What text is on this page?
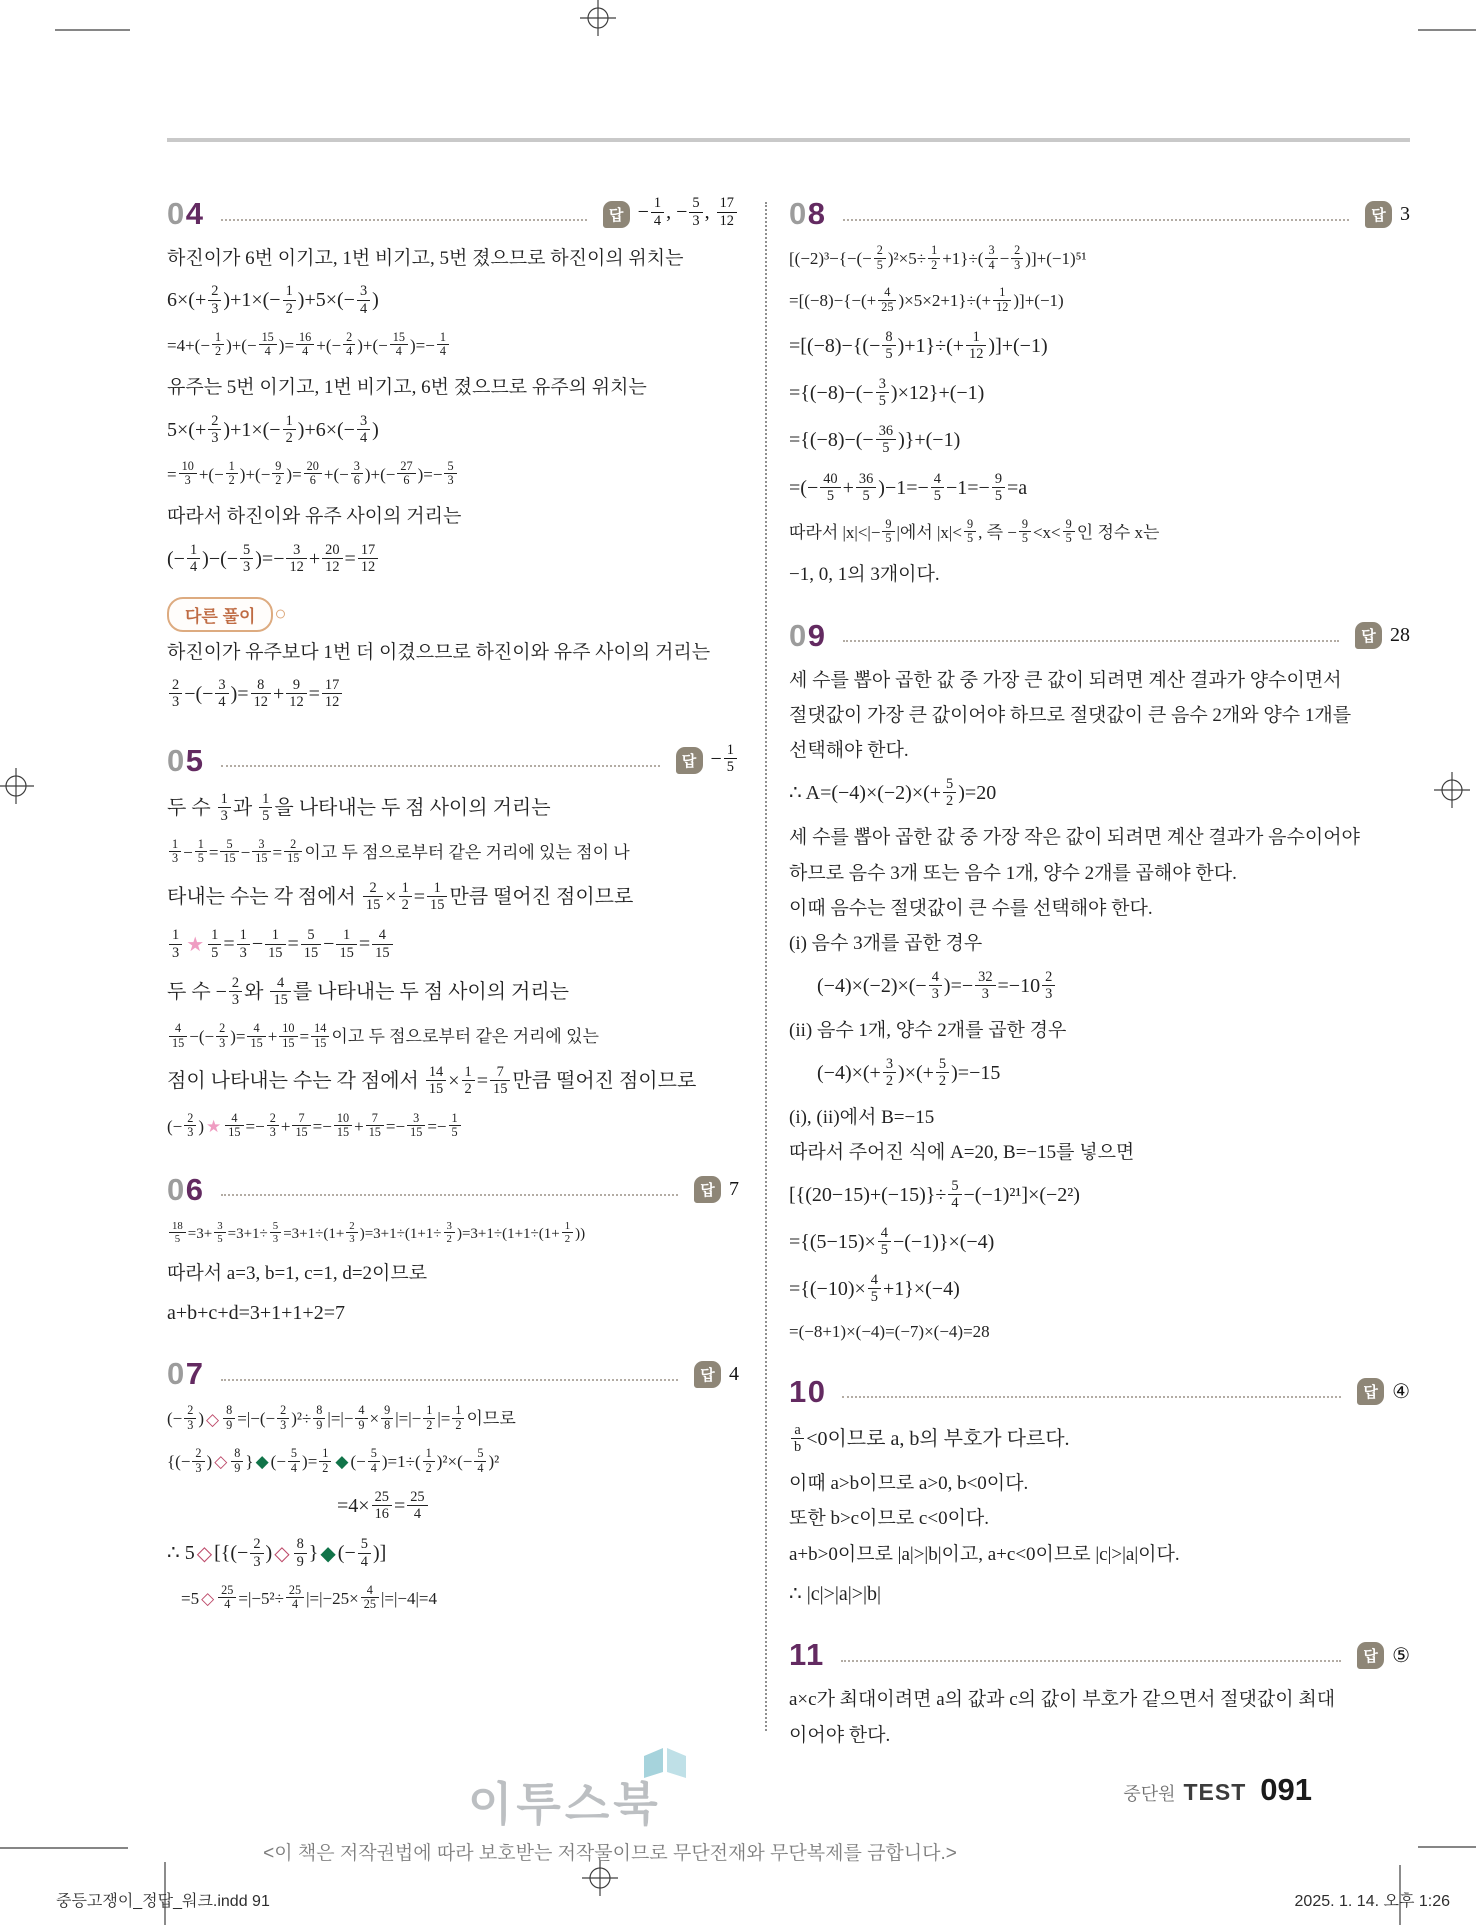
04	답 − $\frac{1}{4}$ , − $\frac{5}{3}$ , $\frac{17}{12}$
하진이가 6번 이기고, 1번 비기고, 5번 졌으므로 하진이의 위치는
$6\times(+ \frac{2}{3} )+1\times(- \frac{1}{2} )+5\times(- \frac{3}{4}$ )
$=4+(- \frac{1}{2}$ )+(− $\frac{15}{4}$ )= $\frac{16}{4}$ +(− $\frac{2}{4}$ )+(− $\frac{15}{4}$ )=− $\frac{1}{4}$
유주는 5번 이기고, 1번 비기고, 6번 졌으므로 유주의 위치는
$5\times(+ \frac{2}{3} )+1\times(- \frac{1}{2} )+6\times(- \frac{3}{4}$ )
= $\frac{10}{3}$ +(− $\frac{1}{2}$ )+(− $\frac{9}{2}$ )= $\frac{20}{6}$ +(− $\frac{3}{6}$ )+(− $\frac{27}{6}$ )=− $\frac{5}{3}$
따라서 하진이와 유주 사이의 거리는
(− $\frac{1}{4}$ )−(− $\frac{5}{3}$ )=− $\frac{3}{12} + \frac{20}{12} = \frac{17}{12}$
다른 풀이
하진이가 유주보다 1번 더 이겼으므로 하진이와 유주 사이의 거리는
$\frac{2}{3}$ −(− $\frac{3}{4}$ )= $\frac{8}{12} + \frac{9}{12} = \frac{17}{12}$
05	답 − $\frac{1}{5}$
두 수 $\frac{1}{3}$ 과 $\frac{1}{5}$ 을 나타내는 두 점 사이의 거리는
$\frac{1}{3} - \frac{1}{5} = \frac{5}{15} - \frac{3}{15} = \frac{2}{15}$ 이고 두 점으로부터 같은 거리에 있는 점이 나
타내는 수는 각 점에서 $\frac{2}{15} \times \frac{1}{2} = \frac{1}{15}$ 만큼 떨어진 점이므로
$\frac{1}{3}$ ★ $\frac{1}{5} = \frac{1}{3} - \frac{1}{15} = \frac{5}{15} - \frac{1}{15} = \frac{4}{15}$
두 수 − $\frac{2}{3}$ 와 $\frac{4}{15}$ 를 나타내는 두 점 사이의 거리는
$\frac{4}{15}$ −(− $\frac{2}{3}$ )= $\frac{4}{15} + \frac{10}{15} = \frac{14}{15}$ 이고 두 점으로부터 같은 거리에 있는
점이 나타내는 수는 각 점에서 $\frac{14}{15} \times \frac{1}{2} = \frac{7}{15}$ 만큼 떨어진 점이므로
(− $\frac{2}{3}$ ) ★ $\frac{4}{15} =- \frac{2}{3} + \frac{7}{15} =- \frac{10}{15} + \frac{7}{15} =- \frac{3}{15} =- \frac{1}{5}$
06	답 7
$\frac{18}{5} =3+ \frac{3}{5} =3+1\div \frac{5}{3} =3+1\div(1+ \frac{2}{3} )=3+1\div(1+1\div \frac{3}{2} )=3+1\div(1+1\div(1+ \frac{1}{2}$ ))
따라서 a=3, b=1, c=1, d=2이므로
a+b+c+d=3+1+1+2=7
07	답 4
(− $\frac{2}{3}$ ) ◇ $\frac{8}{9}$ =|−(− $\frac{2}{3} )^2\div \frac{8}{9}$ |=|− $\frac{4}{9} \times \frac{9}{8}$ |=|− $\frac{1}{2}$ |= $\frac{1}{2}$ 이므로
{(− $\frac{2}{3}$ ) ◇ $\frac{8}{9}$ } ◆ (− $\frac{5}{4}$ )= $\frac{1}{2}$ ◆ (− $\frac{5}{4} )=1\div( \frac{1}{2} )^2\times(- \frac{5}{4} )^2$
$=4\times \frac{25}{16} = \frac{25}{4}$
∴ 5 ◇ [{(− $\frac{2}{3}$ ) ◇ $\frac{8}{9}$ } ◆ (− $\frac{5}{4}$ )]
=5 ◇ $\frac{25}{4} =|-5^2\div \frac{25}{4} |=|-25\times \frac{4}{25} |=|-4|=4$
08	답 3
$[(-2)^3-\{-(- \frac{2}{5} )^2\times 5\div \frac{1}{2} +1\}\div( \frac{3}{4} - \frac{2}{3} )]+(-1)^{51}$
$=[(-8)-\{-(+ \frac{4}{25} )\times 5\times 2+1\}\div(+ \frac{1}{12} )]+(-1)$
$=[(-8)-\{(- \frac{8}{5} )+1\}\div(+ \frac{1}{12} )]+(-1)$
$=\{(-8)-(- \frac{3}{5} )\times 12\}+(-1)$
$=\{(-8)-(- \frac{36}{5} )\}+(-1)$
=(− $\frac{40}{5} + \frac{36}{5} )-1=- \frac{4}{5} -1=- \frac{9}{5} =a$
따라서 $|x|<|- \frac{9}{5}$ |에서 $|x|< \frac{9}{5}$ , 즉 − $\frac{9}{5} <x< \frac{9}{5}$ 인 정수 x는
−1, 0, 1의 3개이다.
09	답 28
세 수를 뽑아 곱한 값 중 가장 큰 값이 되려면 계산 결과가 양수이면서
절댓값이 가장 큰 값이어야 하므로 절댓값이 큰 음수 2개와 양수 1개를
선택해야 한다.
∴ $A=(-4)\times(-2)\times(+ \frac{5}{2} )=20$
세 수를 뽑아 곱한 값 중 가장 작은 값이 되려면 계산 결과가 음수이어야
하므로 음수 3개 또는 음수 1개, 양수 2개를 곱해야 한다.
이때 음수는 절댓값이 큰 수를 선택해야 한다.
(i) 음수 3개를 곱한 경우
$(-4)\times(-2)\times(- \frac{4}{3}$ )=− $\frac{32}{3} =-10 \frac{2}{3}$
(ii) 음수 1개, 양수 2개를 곱한 경우
$(-4)\times(+ \frac{3}{2}$ )×(+ $\frac{5}{2} )=-15$
(i), (ii)에서 B=−15
따라서 주어진 식에 A=20, B=−15를 넣으면
$[\{(20-15)+(-15)\}\div \frac{5}{4} -(-1)^{21}]\times(-2^2)$
$=\{(5-15)\times \frac{4}{5} -(-1)\}\times(-4)$
$=\{(-10)\times \frac{4}{5} +1\}\times(-4)$
=(−8+1)×(−4)=(−7)×(−4)=28
10	답 ④
$\frac{a}{b} <0$이므로 a, b의 부호가 다르다.
이때 a>b이므로 a>0, b<0이다.
또한 b>c이므로 c<0이다.
a+b>0이므로 |a|>|b|이고, a+c<0이므로 |c|>|a|이다.
∴ |c|>|a|>|b|
11	답 ⑤
a×c가 최대이려면 a의 값과 c의 값이 부호가 같으면서 절댓값이 최대
이어야 한다.
이투스북
<이 책은 저작권법에 따라 보호받는 저작물이므로 무단전재와 무단복제를 금합니다.>
중단원 TEST 091
중등고쟁이_정답_워크.indd 91	2025. 1. 14. 오후 1:26
